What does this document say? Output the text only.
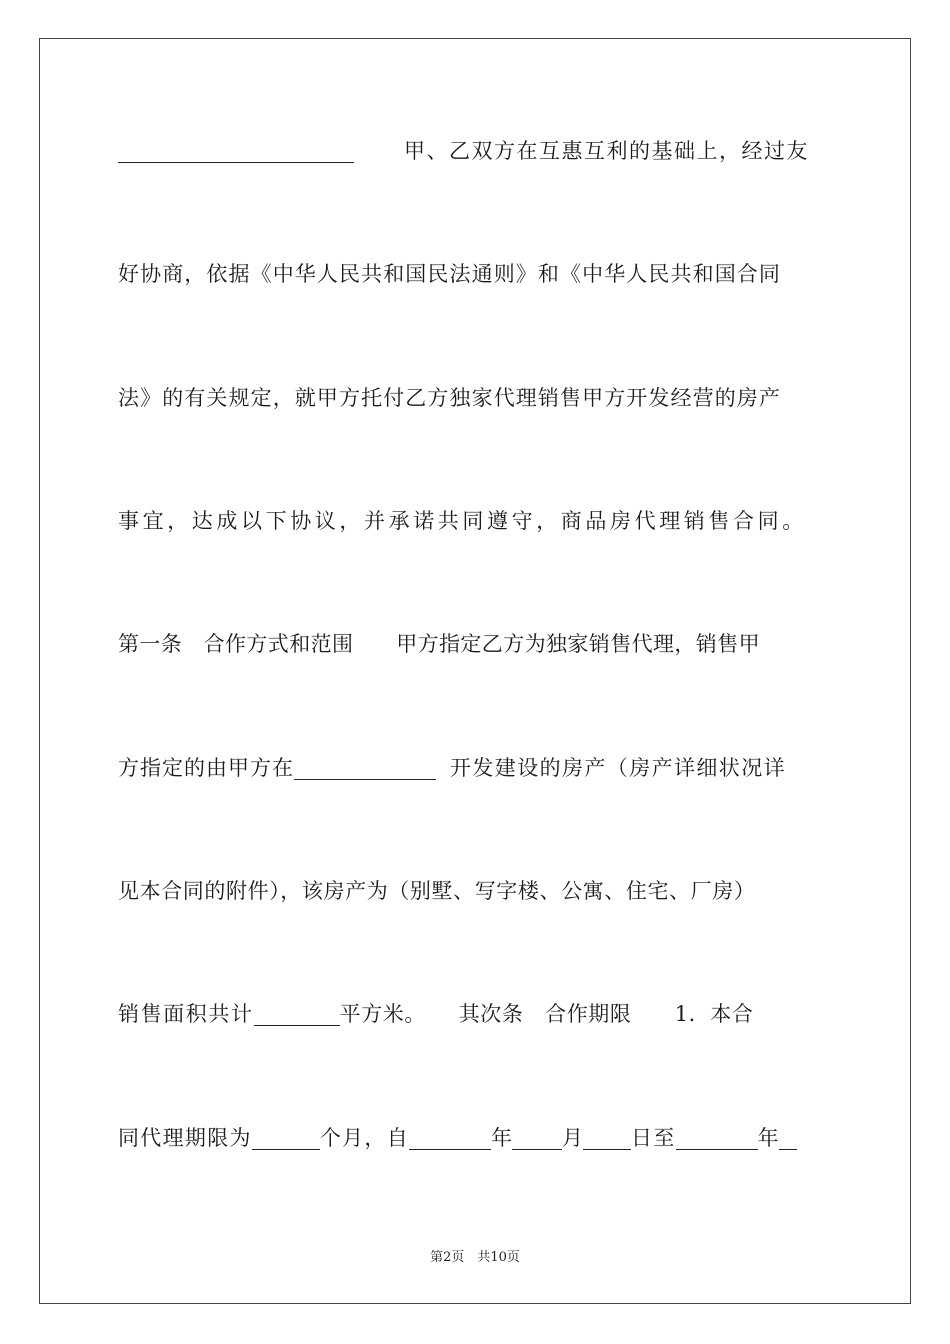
甲、乙双方在互惠互利的基础上，经过友
好协商，依据《中华人民共和国民法通则》和《中华人民共和国合同
法》的有关规定，就甲方托付乙方独家代理销售甲方开发经营的房产
事宜，达成以下协议，并承诺共同遵守，商品房代理销售合同。
第一条　合作方式和范围　　甲方指定乙方为独家销售代理，销售甲
方指定的由甲方在	开发建设的房产（房产详细状况详
见本合同的附件），该房产为（别墅、写字楼、公寓、住宅、厂房）
销售面积共计	平方米。　　其次条　合作期限　　1．本合
同代理期限为	个月，自	年 月 日至	年
第2页　共10页
